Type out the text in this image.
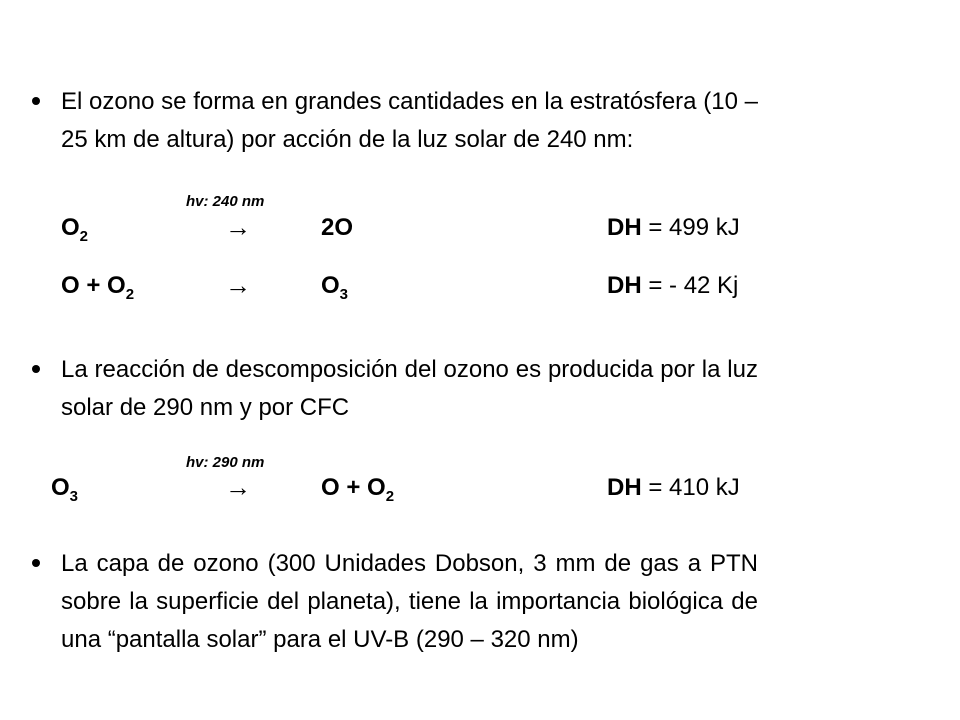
El ozono se forma en grandes cantidades en la estratósfera (10 – 25 km de altura) por acción de la luz solar de 240 nm:

hv: 240 nm
$O_2$	→	2O	DH = 499 kJ
$O + O_2$	→	$O_3$	DH = - 42 Kj

La reacción de descomposición del ozono es producida por la luz solar de 290 nm y por CFC

hv: 290 nm
$O_3$	→	$O + O_2$	DH = 410 kJ

La capa de ozono (300 Unidades Dobson, 3 mm de gas a PTN sobre la superficie del planeta), tiene la importancia biológica de una “pantalla solar” para el UV-B (290 – 320 nm)
